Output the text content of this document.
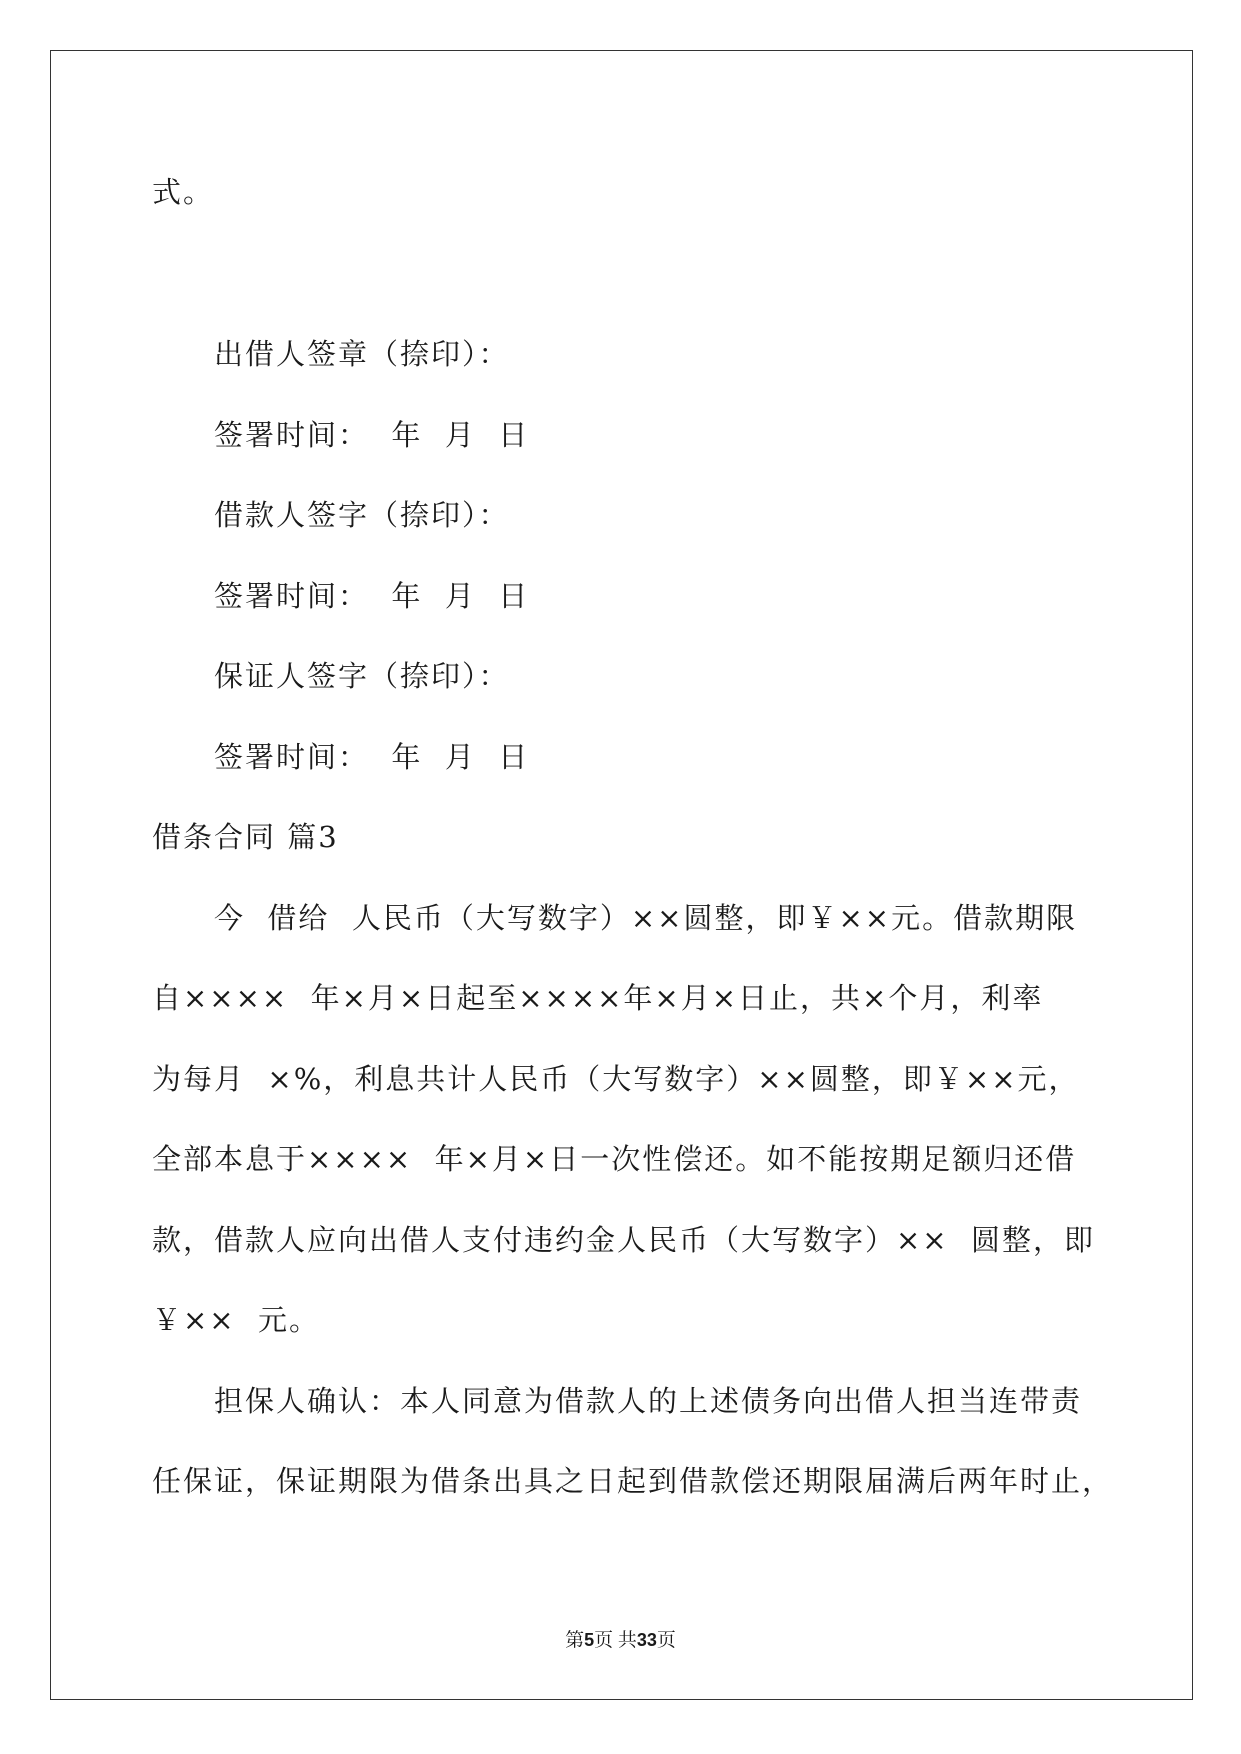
式。
出借人签章（捺印）：
签署时间：  年  月  日
借款人签字（捺印）：
签署时间：  年  月  日
保证人签字（捺印）：
签署时间：  年  月  日
借条合同 篇3
今  借给  人民币（大写数字）××圆整，即￥××元。借款期限
自××××  年×月×日起至××××年×月×日止，共×个月，利率
为每月  ×%，利息共计人民币（大写数字）××圆整，即￥××元，
全部本息于××××  年×月×日一次性偿还。如不能按期足额归还借
款，借款人应向出借人支付违约金人民币（大写数字）××  圆整，即
￥××  元。
担保人确认：本人同意为借款人的上述债务向出借人担当连带责
任保证，保证期限为借条出具之日起到借款偿还期限届满后两年时止，
第5页 共33页
